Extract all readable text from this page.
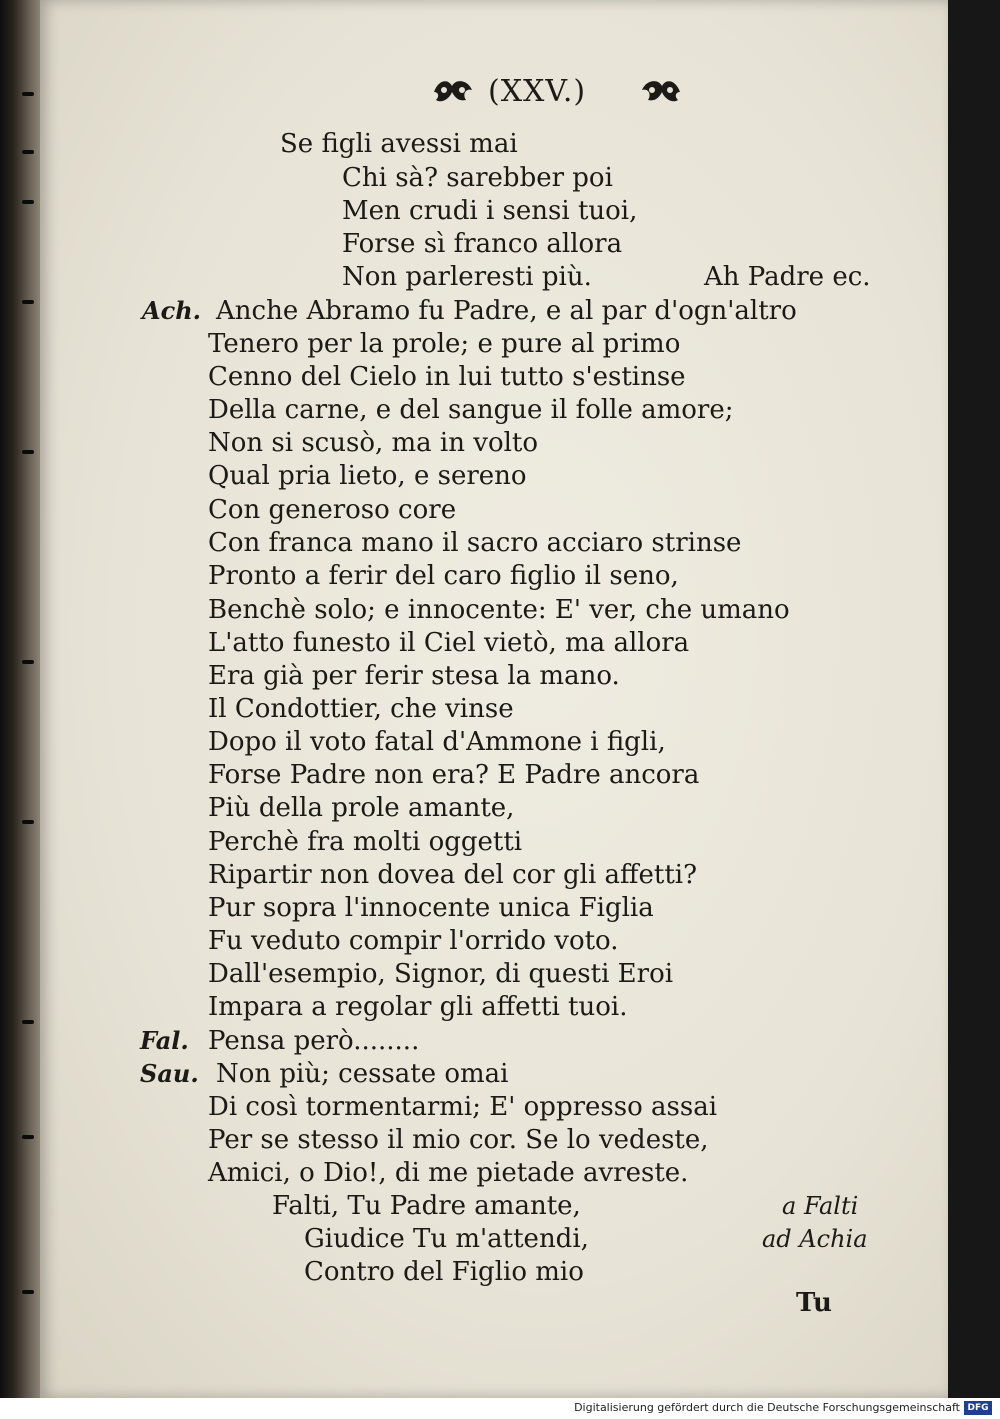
(XXV.)
Se figli avessi mai
Chi sà? sarebber poi
Men crudi i sensi tuoi,
Forse sì franco allora
Non parleresti più.	Ah Padre ec.
Ach. Anche Abramo fu Padre, e al par d'ogn'altro
Tenero per la prole; e pure al primo
Cenno del Cielo in lui tutto s'estinse
Della carne, e del sangue il folle amore;
Non si scusò, ma in volto
Qual pria lieto, e sereno
Con generoso core
Con franca mano il sacro acciaro strinse
Pronto a ferir del caro figlio il seno,
Benchè solo; e innocente: E' ver, che umano
L'atto funesto il Ciel vietò, ma allora
Era già per ferir stesa la mano.
Il Condottier, che vinse
Dopo il voto fatal d'Ammone i figli,
Forse Padre non era? E Padre ancora
Più della prole amante,
Perchè fra molti oggetti
Ripartir non dovea del cor gli affetti?
Pur sopra l'innocente unica Figlia
Fu veduto compir l'orrido voto.
Dall'esempio, Signor, di questi Eroi
Impara a regolar gli affetti tuoi.
Fal. Pensa però........
Sau. Non più; cessate omai
Di così tormentarmi; E' oppresso assai
Per se stesso il mio cor. Se lo vedeste,
Amici, o Dio!, di me pietade avreste.
Falti, Tu Padre amante,	a Falti
Giudice Tu m'attendi,	ad Achia
Contro del Figlio mio
Tu
Digitalisierung gefördert durch die Deutsche Forschungsgemeinschaft DFG
